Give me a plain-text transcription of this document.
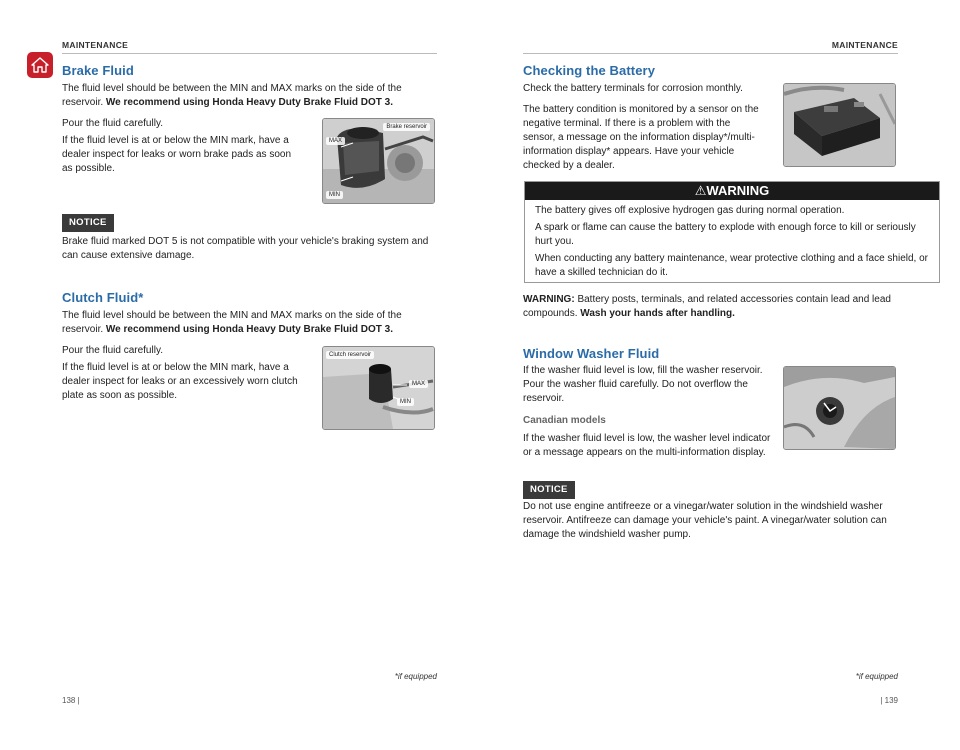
MAINTENANCE
Brake Fluid
The fluid level should be between the MIN and MAX marks on the side of the reservoir. We recommend using Honda Heavy Duty Brake Fluid DOT 3.
Pour the fluid carefully.
If the fluid level is at or below the MIN mark, have a dealer inspect for leaks or worn brake pads as soon as possible.
Brake reservoir
MAX
MIN
NOTICE
Brake fluid marked DOT 5 is not compatible with your vehicle's braking system and can cause extensive damage.
Clutch Fluid*
The fluid level should be between the MIN and MAX marks on the side of the reservoir. We recommend using Honda Heavy Duty Brake Fluid DOT 3.
Pour the fluid carefully.
If the fluid level is at or below the MIN mark, have a dealer inspect for leaks or an excessively worn clutch plate as soon as possible.
Clutch reservoir
MAX
MIN
*if equipped
138 |
MAINTENANCE
Checking the Battery
Check the battery terminals for corrosion monthly.
The battery condition is monitored by a sensor on the negative terminal. If there is a problem with the sensor, a message on the information display*/multi-information display* appears. Have your vehicle checked by a dealer.
⚠WARNING
The battery gives off explosive hydrogen gas during normal operation.
A spark or flame can cause the battery to explode with enough force to kill or seriously hurt you.
When conducting any battery maintenance, wear protective clothing and a face shield, or have a skilled technician do it.
WARNING: Battery posts, terminals, and related accessories contain lead and lead compounds. Wash your hands after handling.
Window Washer Fluid
If the washer fluid level is low, fill the washer reservoir. Pour the washer fluid carefully. Do not overflow the reservoir.
Canadian models
If the washer fluid level is low, the washer level indicator or a message appears on the multi-information display.
NOTICE
Do not use engine antifreeze or a vinegar/water solution in the windshield washer reservoir. Antifreeze can damage your vehicle's paint. A vinegar/water solution can damage the windshield washer pump.
*if equipped
| 139
